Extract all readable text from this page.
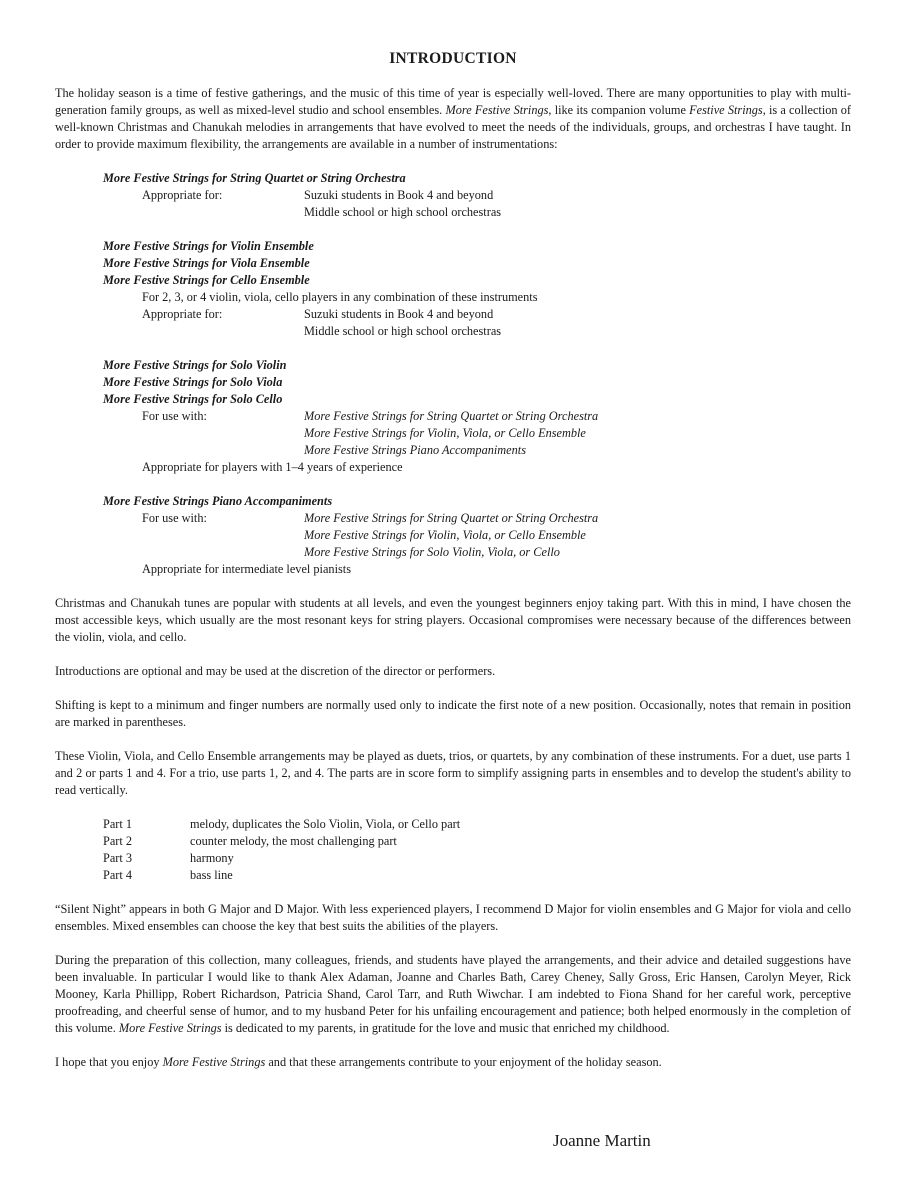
INTRODUCTION

The holiday season is a time of festive gatherings, and the music of this time of year is especially well-loved. There are many opportunities to play with multi-generation family groups, as well as mixed-level studio and school ensembles. More Festive Strings, like its companion volume Festive Strings, is a collection of well-known Christmas and Chanukah melodies in arrangements that have evolved to meet the needs of the individuals, groups, and orchestras I have taught. In order to provide maximum flexibility, the arrangements are available in a number of instrumentations:

More Festive Strings for String Quartet or String Orchestra
Appropriate for:	Suzuki students in Book 4 and beyond
Middle school or high school orchestras
More Festive Strings for Violin Ensemble
More Festive Strings for Viola Ensemble
More Festive Strings for Cello Ensemble
For 2, 3, or 4 violin, viola, cello players in any combination of these instruments
Appropriate for:	Suzuki students in Book 4 and beyond
Middle school or high school orchestras
More Festive Strings for Solo Violin
More Festive Strings for Solo Viola
More Festive Strings for Solo Cello
For use with:	More Festive Strings for String Quartet or String Orchestra
More Festive Strings for Violin, Viola, or Cello Ensemble
More Festive Strings Piano Accompaniments
Appropriate for players with 1–4 years of experience
More Festive Strings Piano Accompaniments
For use with:	More Festive Strings for String Quartet or String Orchestra
More Festive Strings for Violin, Viola, or Cello Ensemble
More Festive Strings for Solo Violin, Viola, or Cello
Appropriate for intermediate level pianists

Christmas and Chanukah tunes are popular with students at all levels, and even the youngest beginners enjoy taking part. With this in mind, I have chosen the most accessible keys, which usually are the most resonant keys for string players. Occasional compromises were necessary because of the differences between the violin, viola, and cello.

Introductions are optional and may be used at the discretion of the director or performers.

Shifting is kept to a minimum and finger numbers are normally used only to indicate the first note of a new position. Occasionally, notes that remain in position are marked in parentheses.

These Violin, Viola, and Cello Ensemble arrangements may be played as duets, trios, or quartets, by any combination of these instruments. For a duet, use parts 1 and 2 or parts 1 and 4. For a trio, use parts 1, 2, and 4. The parts are in score form to simplify assigning parts in ensembles and to develop the student's ability to read vertically.

Part 1	melody, duplicates the Solo Violin, Viola, or Cello part
Part 2	counter melody, the most challenging part
Part 3	harmony
Part 4	bass line

“Silent Night” appears in both G Major and D Major. With less experienced players, I recommend D Major for violin ensembles and G Major for viola and cello ensembles. Mixed ensembles can choose the key that best suits the abilities of the players.

During the preparation of this collection, many colleagues, friends, and students have played the arrangements, and their advice and detailed suggestions have been invaluable. In particular I would like to thank Alex Adaman, Joanne and Charles Bath, Carey Cheney, Sally Gross, Eric Hansen, Carolyn Meyer, Rick Mooney, Karla Phillipp, Robert Richardson, Patricia Shand, Carol Tarr, and Ruth Wiwchar. I am indebted to Fiona Shand for her careful work, perceptive proofreading, and cheerful sense of humor, and to my husband Peter for his unfailing encouragement and patience; both helped enormously in the completion of this volume. More Festive Strings is dedicated to my parents, in gratitude for the love and music that enriched my childhood.

I hope that you enjoy More Festive Strings and that these arrangements contribute to your enjoyment of the holiday season.

Joanne Martin
